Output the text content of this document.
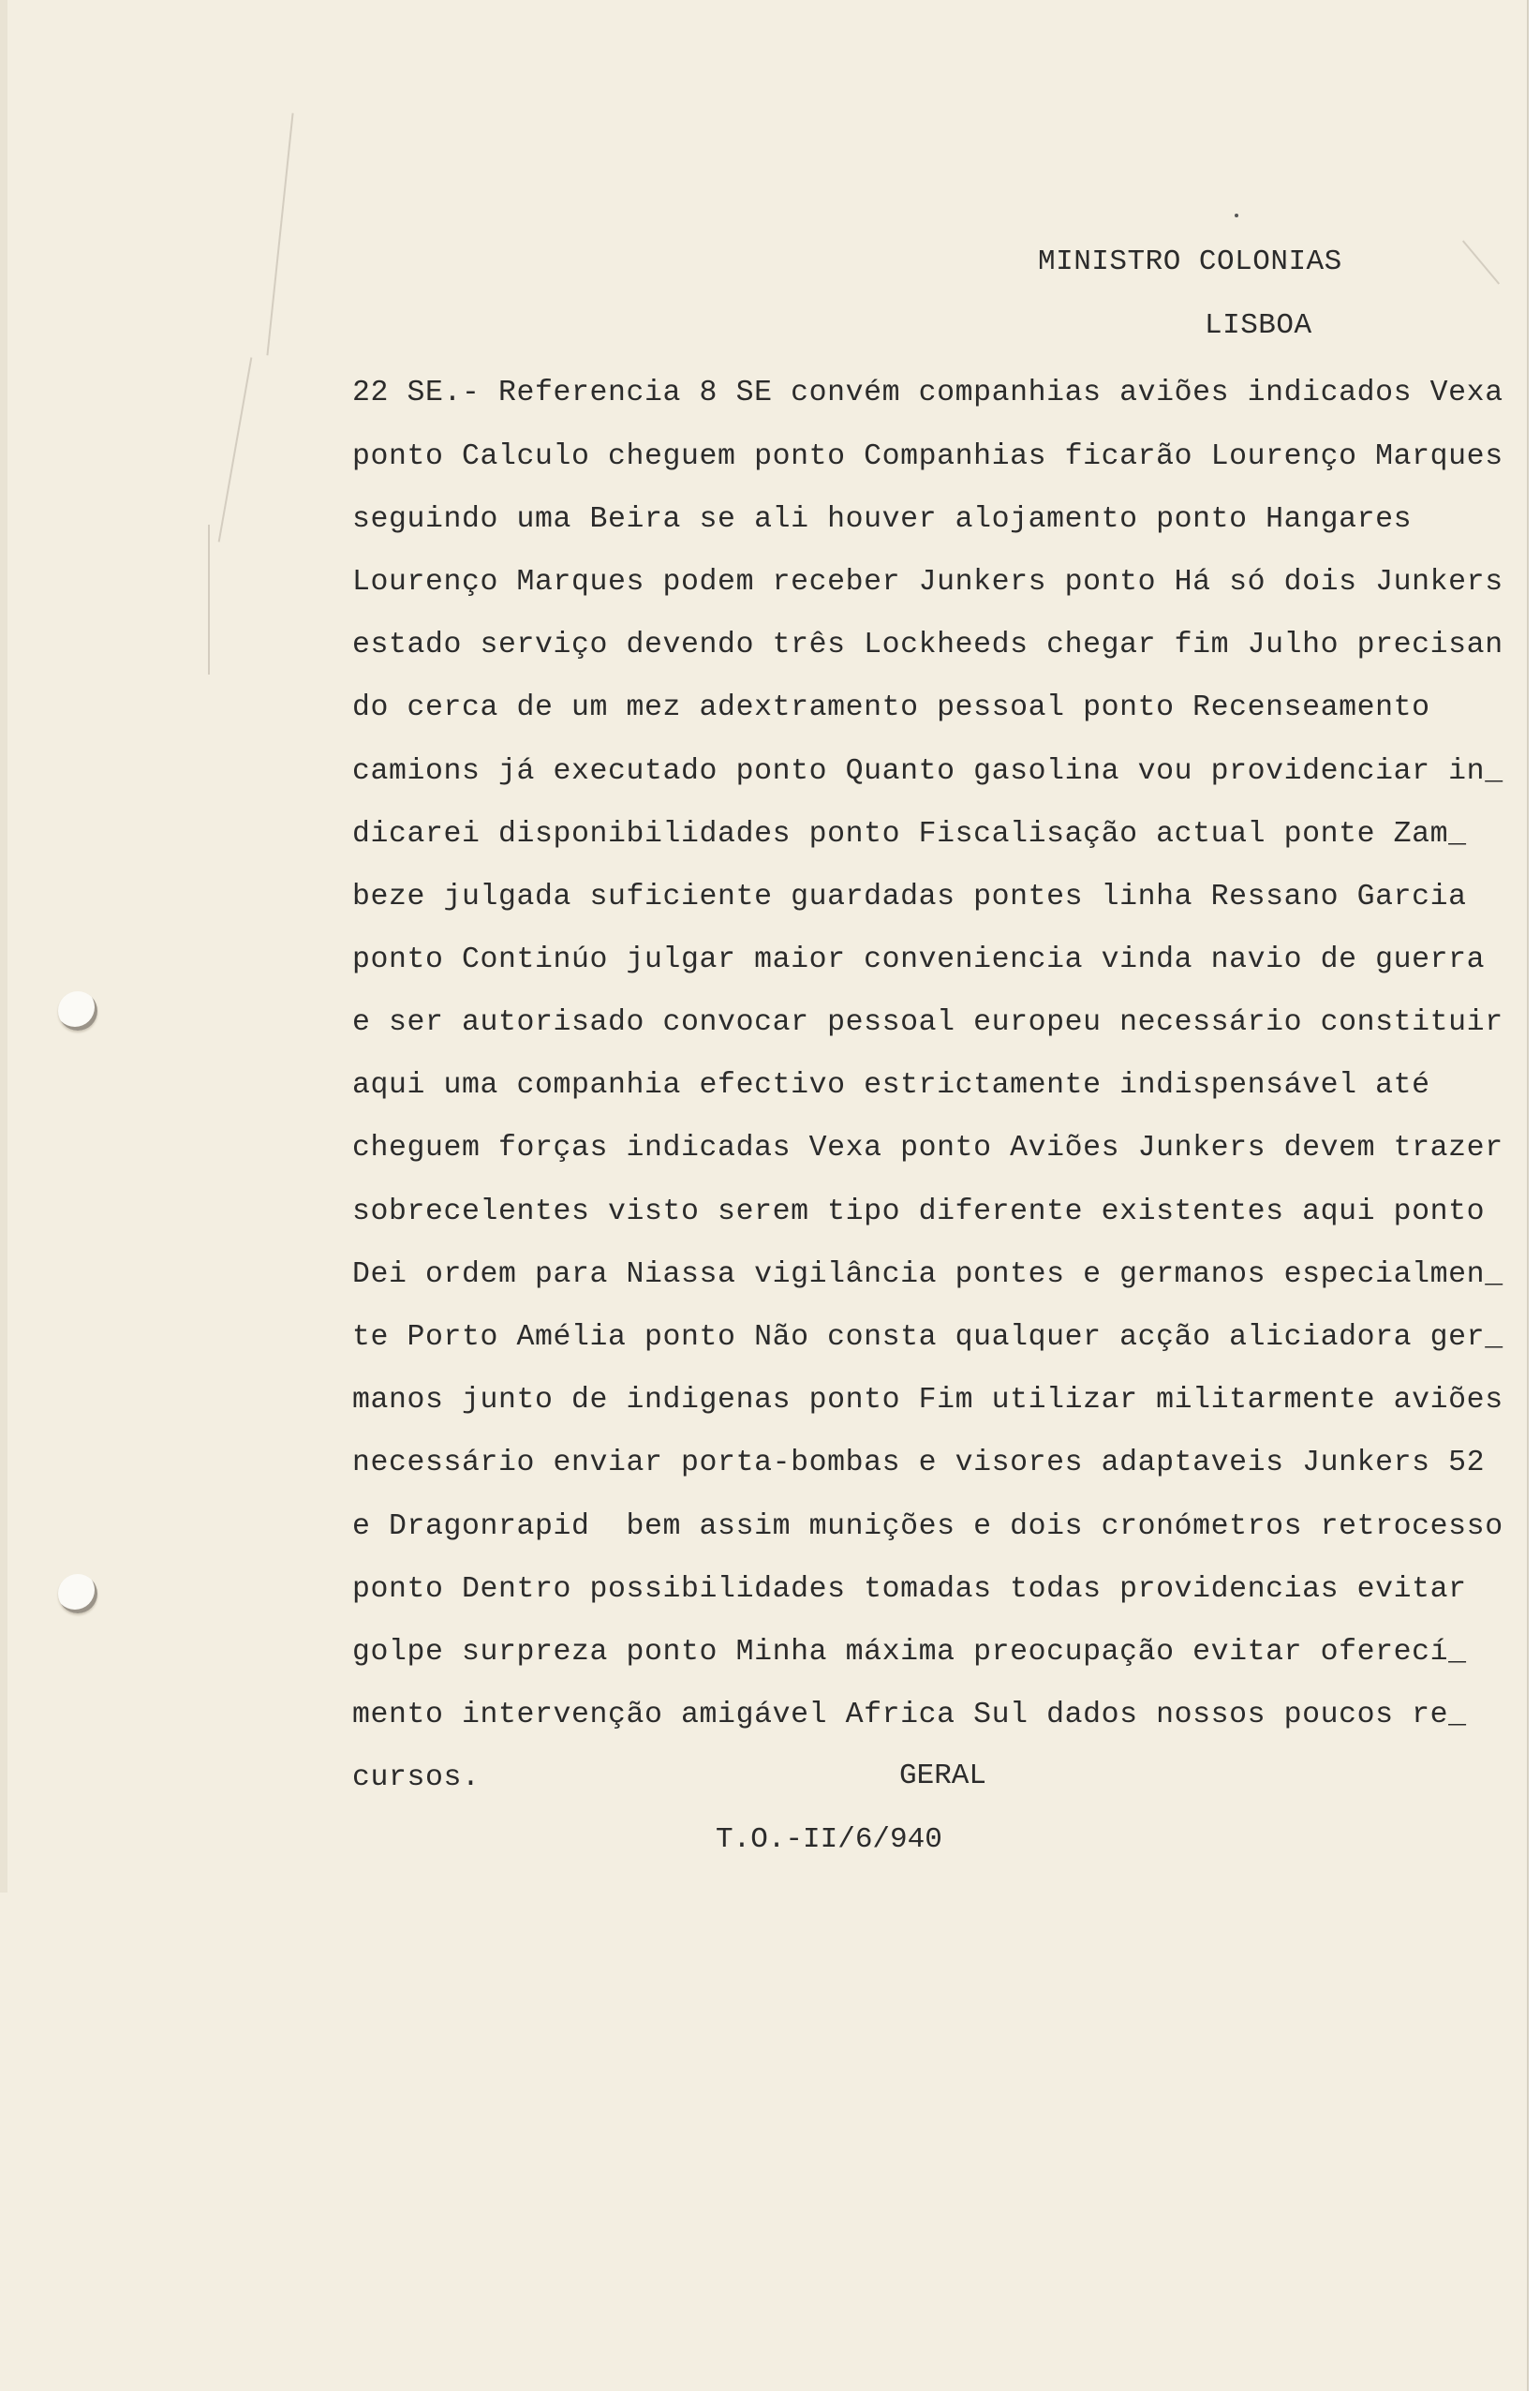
MINISTRO COLONIAS
LISBOA
22 SE.- Referencia 8 SE convém companhias aviões indicados Vexa
ponto Calculo cheguem ponto Companhias ficarão Lourenço Marques
seguindo uma Beira se ali houver alojamento ponto Hangares
Lourenço Marques podem receber Junkers ponto Há só dois Junkers
estado serviço devendo três Lockheeds chegar fim Julho precisan
do cerca de um mez adextramento pessoal ponto Recenseamento
camions já executado ponto Quanto gasolina vou providenciar in_
dicarei disponibilidades ponto Fiscalisação actual ponte Zam_
beze julgada suficiente guardadas pontes linha Ressano Garcia
ponto Continúo julgar maior conveniencia vinda navio de guerra
e ser autorisado convocar pessoal europeu necessário constituir
aqui uma companhia efectivo estrictamente indispensável até
cheguem forças indicadas Vexa ponto Aviões Junkers devem trazer
sobrecelentes visto serem tipo diferente existentes aqui ponto
Dei ordem para Niassa vigilância pontes e germanos especialmen_
te Porto Amélia ponto Não consta qualquer acção aliciadora ger_
manos junto de indigenas ponto Fim utilizar militarmente aviões
necessário enviar porta-bombas e visores adaptaveis Junkers 52
e Dragonrapid  bem assim munições e dois cronómetros retrocesso
ponto Dentro possibilidades tomadas todas providencias evitar
golpe surpreza ponto Minha máxima preocupação evitar oferecí_
mento intervenção amigável Africa Sul dados nossos poucos re_
cursos.	GERAL
T.O.-II/6/940
